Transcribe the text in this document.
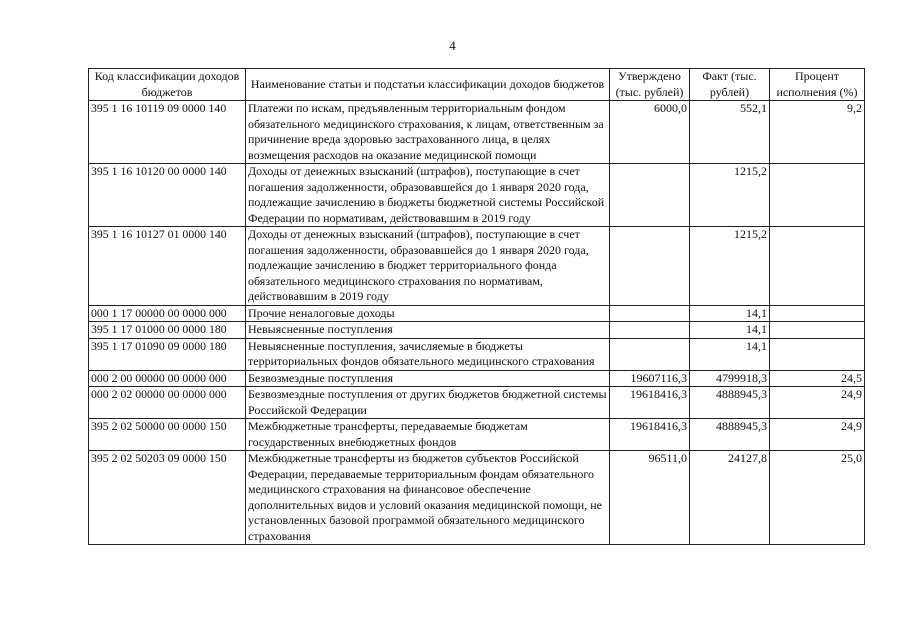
4
Код классификации доходов бюджетов	Наименование статьи и подстатьи классификации доходов бюджетов	Утверждено (тыс. рублей)	Факт (тыс. рублей)	Процент исполнения (%)
395 1 16 10119 09 0000 140	Платежи по искам, предъявленным территориальным фондом обязательного медицинского страхования, к лицам, ответственным за причинение вреда здоровью застрахованного лица, в целях возмещения расходов на оказание медицинской помощи	6000,0	552,1	9,2
395 1 16 10120 00 0000 140	Доходы от денежных взысканий (штрафов), поступающие в счет погашения задолженности, образовавшейся до 1 января 2020 года, подлежащие зачислению в бюджеты бюджетной системы Российской Федерации по нормативам, действовавшим в 2019 году		1215,2	
395 1 16 10127 01 0000 140	Доходы от денежных взысканий (штрафов), поступающие в счет погашения задолженности, образовавшейся до 1 января 2020 года, подлежащие зачислению в бюджет территориального фонда обязательного медицинского страхования по нормативам, действовавшим в 2019 году		1215,2	
000 1 17 00000 00 0000 000	Прочие неналоговые доходы		14,1	
395 1 17 01000 00 0000 180	Невыясненные поступления		14,1	
395 1 17 01090 09 0000 180	Невыясненные поступления, зачисляемые в бюджеты территориальных фондов обязательного медицинского страхования		14,1	
000 2 00 00000 00 0000 000	Безвозмездные поступления	19607116,3	4799918,3	24,5
000 2 02 00000 00 0000 000	Безвозмездные поступления от других бюджетов бюджетной системы Российской Федерации	19618416,3	4888945,3	24,9
395 2 02 50000 00 0000 150	Межбюджетные трансферты, передаваемые бюджетам государственных внебюджетных фондов	19618416,3	4888945,3	24,9
395 2 02 50203 09 0000 150	Межбюджетные трансферты из бюджетов субъектов Российской Федерации, передаваемые территориальным фондам обязательного медицинского страхования на финансовое обеспечение дополнительных видов и условий оказания медицинской помощи, не установленных базовой программой обязательного медицинского страхования	96511,0	24127,8	25,0
